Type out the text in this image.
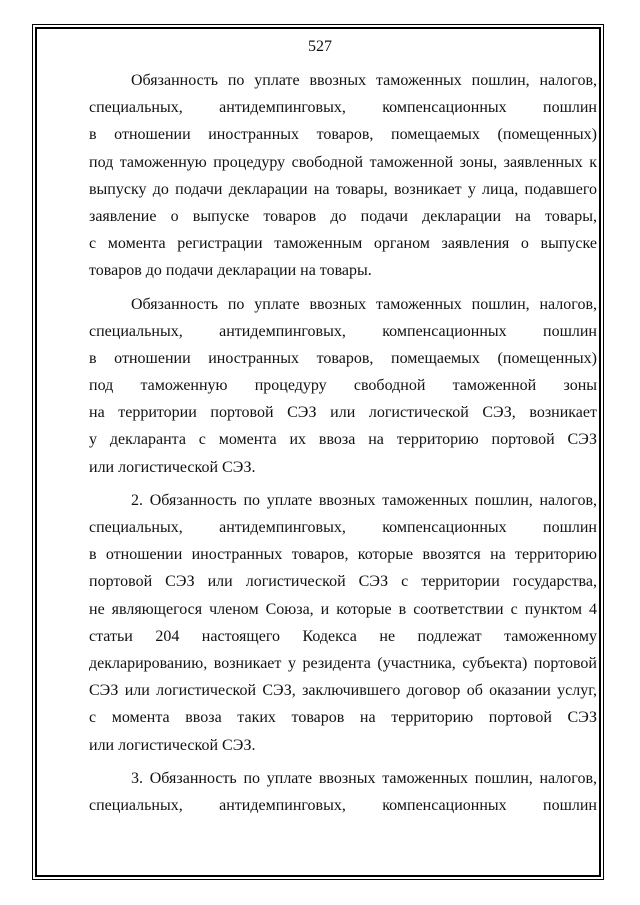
527
Обязанность по уплате ввозных таможенных пошлин, налогов,
специальных, антидемпинговых, компенсационных пошлин
в отношении иностранных товаров, помещаемых (помещенных)
под таможенную процедуру свободной таможенной зоны, заявленных к
выпуску до подачи декларации на товары, возникает у лица, подавшего
заявление о выпуске товаров до подачи декларации на товары,
с момента регистрации таможенным органом заявления о выпуске
товаров до подачи декларации на товары.
Обязанность по уплате ввозных таможенных пошлин, налогов,
специальных, антидемпинговых, компенсационных пошлин
в отношении иностранных товаров, помещаемых (помещенных)
под таможенную процедуру свободной таможенной зоны
на территории портовой СЭЗ или логистической СЭЗ, возникает
у декларанта с момента их ввоза на территорию портовой СЭЗ
или логистической СЭЗ.
2. Обязанность по уплате ввозных таможенных пошлин, налогов,
специальных, антидемпинговых, компенсационных пошлин
в отношении иностранных товаров, которые ввозятся на территорию
портовой СЭЗ или логистической СЭЗ с территории государства,
не являющегося членом Союза, и которые в соответствии с пунктом 4
статьи 204 настоящего Кодекса не подлежат таможенному
декларированию, возникает у резидента (участника, субъекта) портовой
СЭЗ или логистической СЭЗ, заключившего договор об оказании услуг,
с момента ввоза таких товаров на территорию портовой СЭЗ
или логистической СЭЗ.
3. Обязанность по уплате ввозных таможенных пошлин, налогов,
специальных, антидемпинговых, компенсационных пошлин
